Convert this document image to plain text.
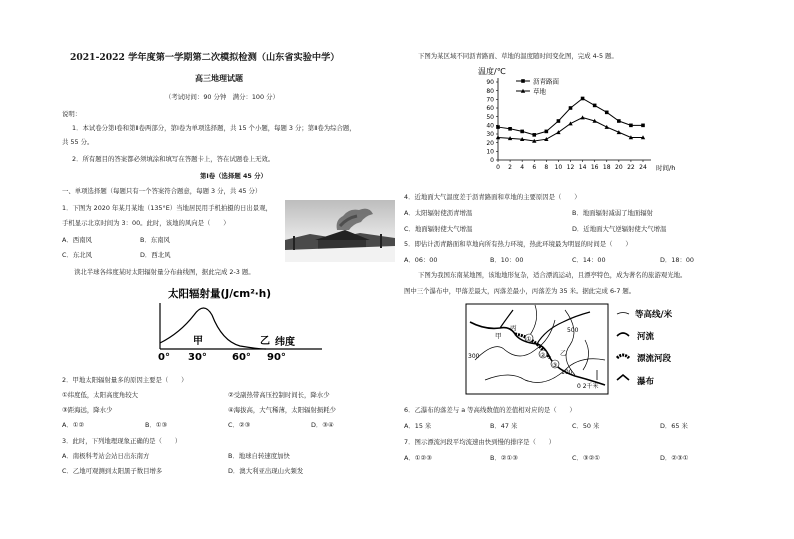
2021-2022 学年度第一学期第二次模拟检测（山东省实验中学）
高三地理试题
（考试时间：90 分钟　满分：100 分）
说明：
1．本试卷分第Ⅰ卷和第Ⅱ卷两部分，第Ⅰ卷为单项选择题，共 15 个小题，每题 3 分；第Ⅱ卷为综合题，
共 55 分。
2．所有题目的答案都必须填涂和填写在答题卡上，答在试题卷上无效。
第Ⅰ卷（选择题 45 分）
一、单项选择题（每题只有一个答案符合题意，每题 3 分，共 45 分）
1．下图为 2020 年某月某地（135°E）当地居民用手机拍摄的日出景观，
手机显示北京时间为 3：00。此时，该地的风向是（　　）
A．西南风	B．东南风
C．东北风	D．西北风
读北半球各纬度某时太阳辐射量分布曲线图，据此完成 2-3 题。
太阳辐射量(J/cm²·h)
甲	乙 纬度
0° 30°	60° 90°
2．甲地太阳辐射量多的原因主要是（　　）
①纬度低，太阳高度角较大	②受副热带高压控制时间长，降水少
③距海远，降水少	④海拔高，大气稀薄，太阳辐射损耗少
A．①②	B．①③	C．②③	D．③④
3．此时，下列地理现象正确的是（　　）
A．南极科考站会站日出东南方	B．地球自转速度加快
C．乙地可观测到太阳黑子数目增多	D．澳大利亚出现山火频发
下图为某区域不同沥青路面、草地的温度随时间变化图，完成 4-5 题。
温度/℃
时间/h
0
10
20
30
40
50
60
70
80
90
0 2 4 6 8 10 12 14 16 18 20 22 24
沥青路面
草地
4．近地面大气温度差于沥青路面和草地的主要原因是（　　）
A．太阳辐射使沥青增温	B．地面辐射减弱了地面辐射
C．地面辐射使大气增温	D．近地面大气逆辐射使大气增温
5．即估计沥青路面和草地向所有热力环境，热此环境最为明显的时间是（　　）
A．06：00	B．10：00	C．14：00	D．18：00
下图为我国东南某地图，该地地形复杂，适合漂流运动，且漂亭特色，成为著名的旅游观光地。
图中三个瀑布中，甲落差最大，丙落差最小，丙落差为 35 米。据此完成 6-7 题。
①
②
③
甲
乙
丙
300
100
500
0 2千米
等高线/米
河流
漂流河段
瀑布
6．乙瀑布的落差与 a 等高线数值的差值相对应的是（　　）
A．15 米	B．47 米	C．50 米	D．65 米
7．图示漂流河段平均流速由快到慢的排序是（　　）
A．①②③	B．②①③	C．③②①	D．②③①
